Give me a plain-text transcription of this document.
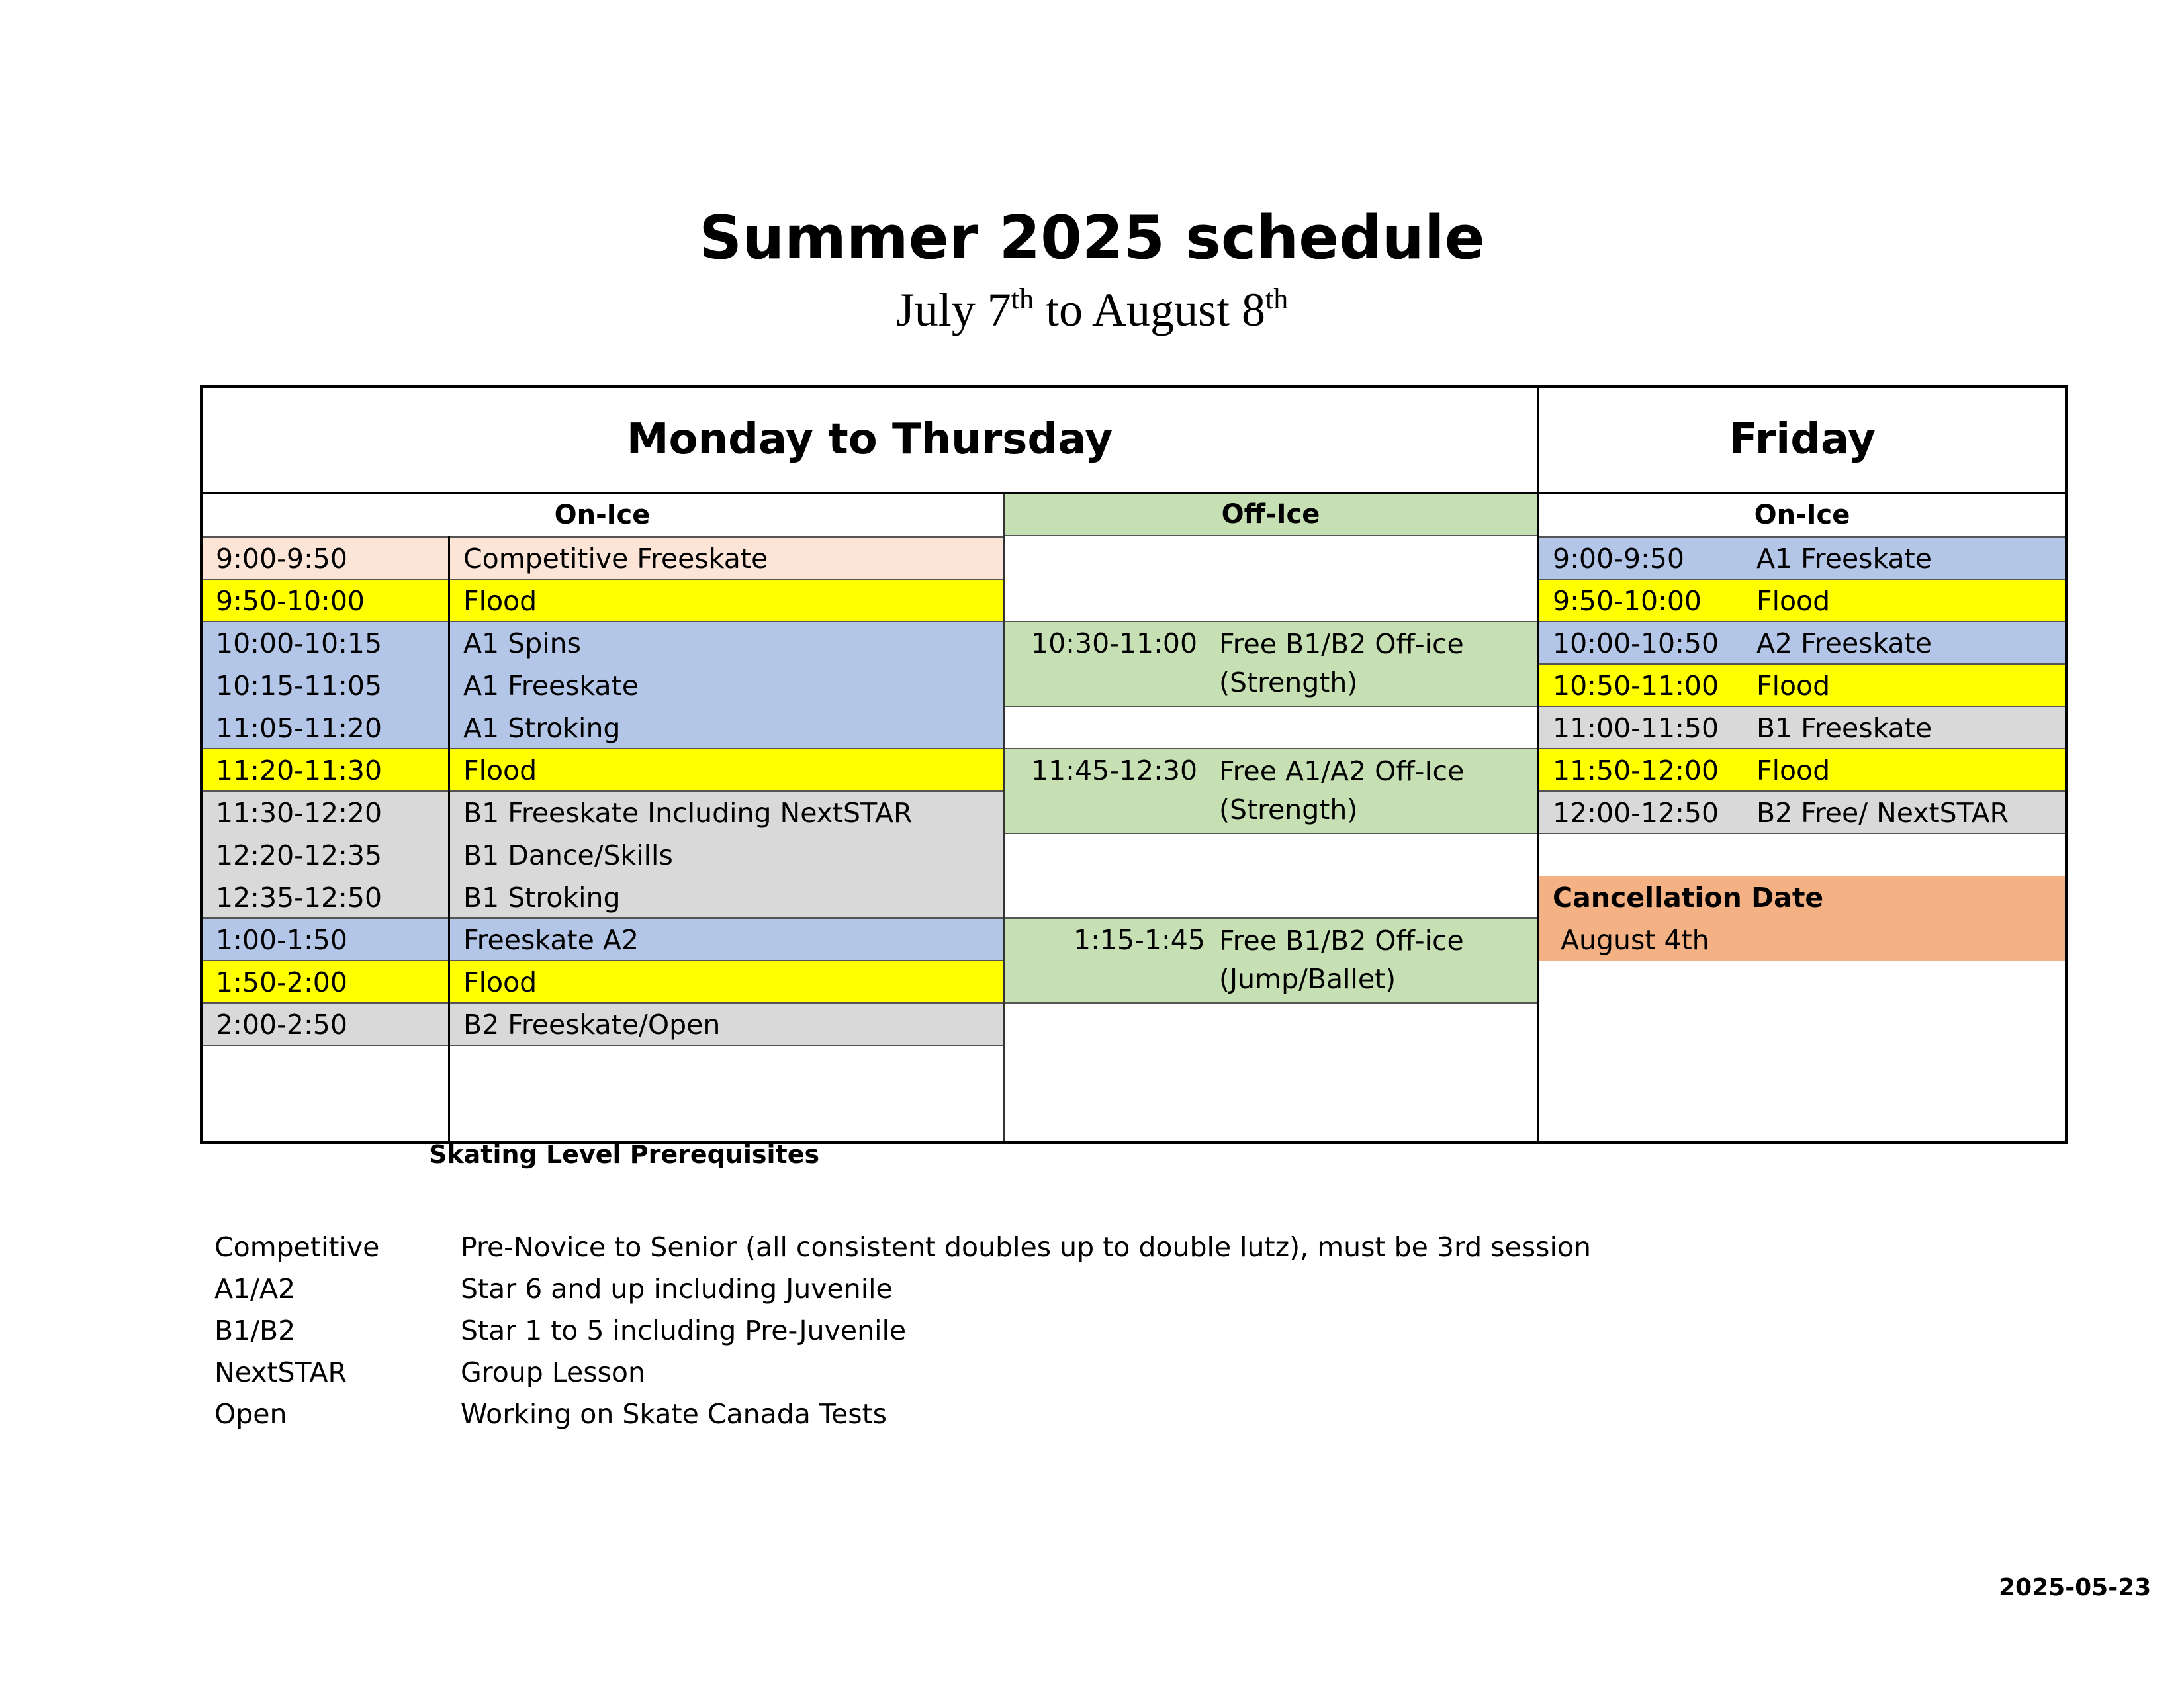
Summer 2025 schedule
July 7th to August 8th
Monday to Thursday	Friday
On-Ice	Off-Ice	On-Ice
9:00-9:50	Competitive Freeskate
9:50-10:00	Flood
10:00-10:15	A1 Spins
10:15-11:05	A1 Freeskate
11:05-11:20	A1 Stroking
11:20-11:30	Flood
11:30-12:20	B1 Freeskate Including NextSTAR
12:20-12:35	B1 Dance/Skills
12:35-12:50	B1 Stroking
1:00-1:50	Freeskate A2
1:50-2:00	Flood
2:00-2:50	B2 Freeskate/Open
10:30-11:00 Free B1/B2 Off-ice
(Strength)
11:45-12:30 Free A1/A2 Off-Ice
(Strength)
1:15-1:45 Free B1/B2 Off-ice
(Jump/Ballet)
9:00-9:50	A1 Freeskate
9:50-10:00 Flood
10:00-10:50 A2 Freeskate
10:50-11:00 Flood
11:00-11:50 B1 Freeskate
11:50-12:00 Flood
12:00-12:50 B2 Free/ NextSTAR
Cancellation Date
August 4th
Skating Level Prerequisites
Competitive	Pre-Novice to Senior (all consistent doubles up to double lutz), must be 3rd session
A1/A2	Star 6 and up including Juvenile
B1/B2	Star 1 to 5 including Pre-Juvenile
NextSTAR	Group Lesson
Open	Working on Skate Canada Tests
2025-05-23
